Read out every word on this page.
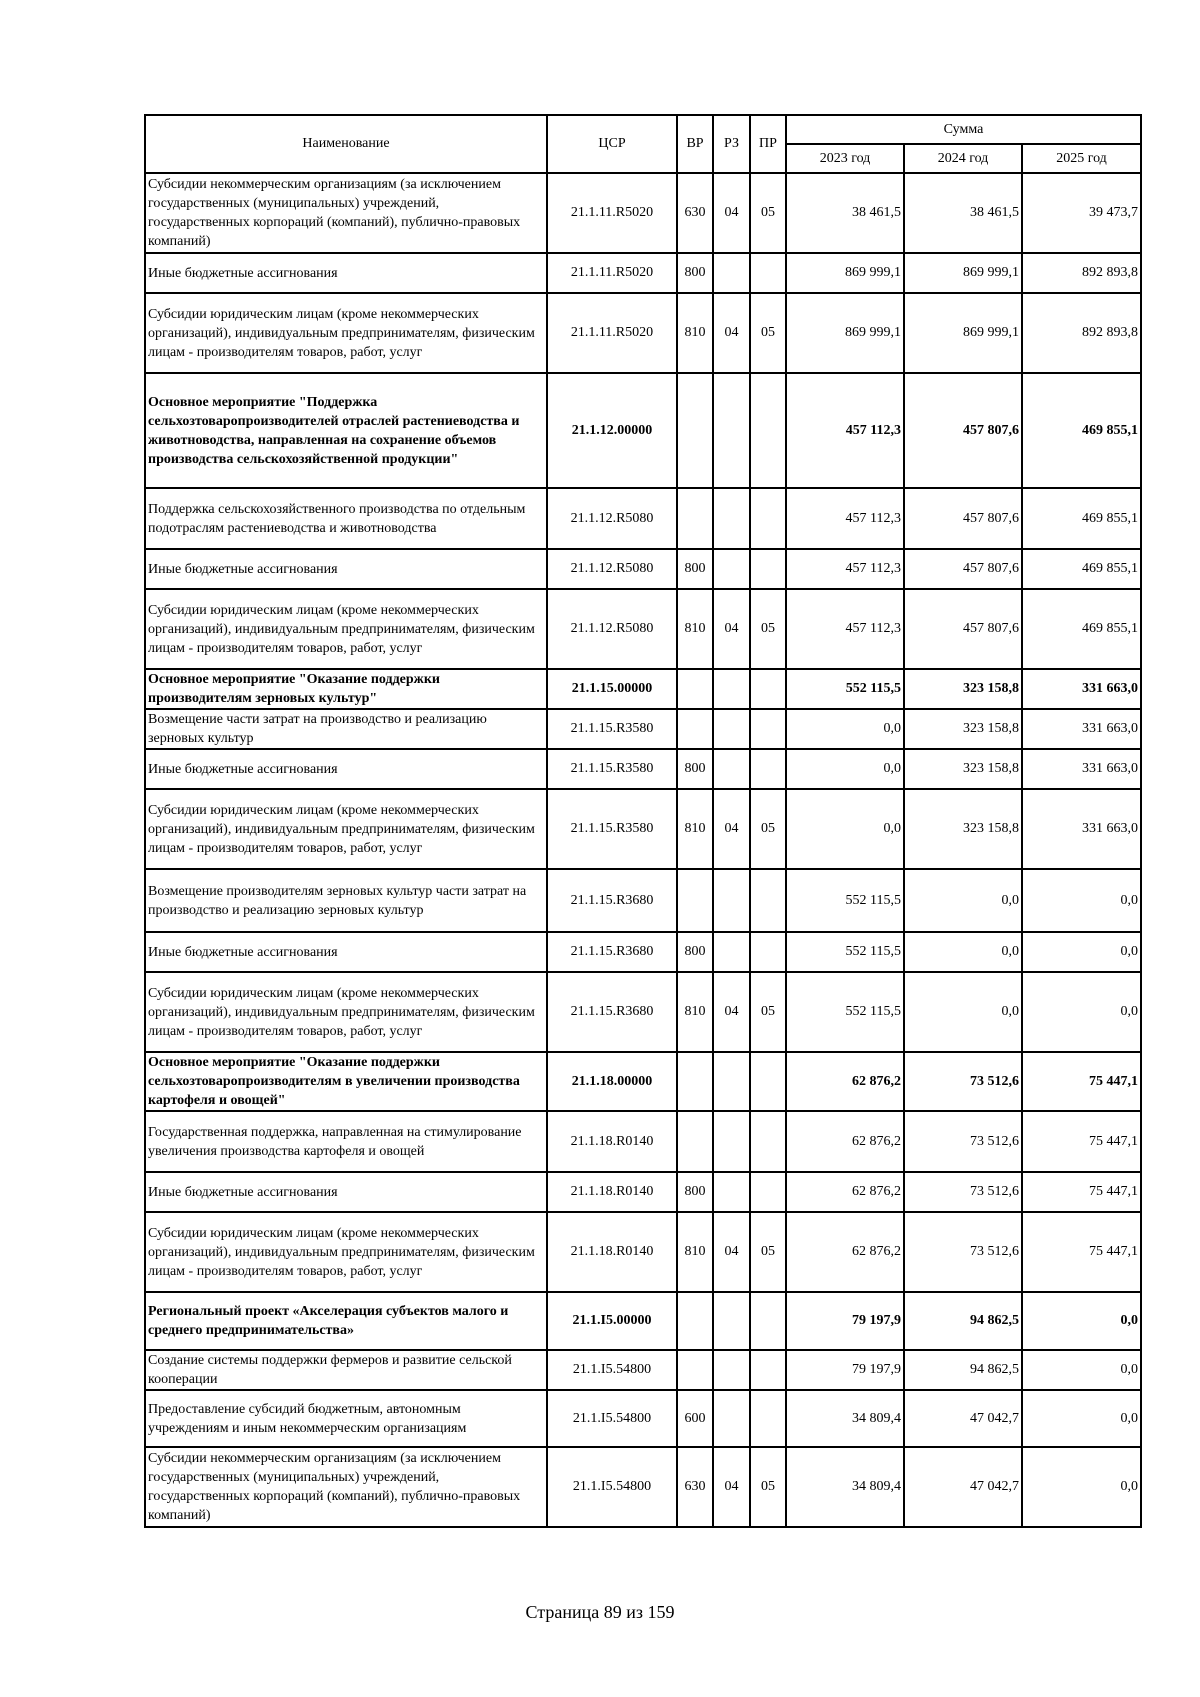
Наименование	ЦСР	ВР	РЗ	ПР	Сумма		
					2023 год	2024 год	2025 год
Субсидии некоммерческим организациям (за исключением государственных (муниципальных) учреждений, государственных корпораций (компаний), публично-правовых компаний)	21.1.11.R5020	630	04	05	38 461,5	38 461,5	39 473,7
Иные бюджетные ассигнования	21.1.11.R5020	800			869 999,1	869 999,1	892 893,8
Субсидии юридическим лицам (кроме некоммерческих организаций), индивидуальным предпринимателям, физическим лицам - производителям товаров, работ, услуг	21.1.11.R5020	810	04	05	869 999,1	869 999,1	892 893,8
Основное мероприятие "Поддержка сельхозтоваропроизводителей отраслей растениеводства и животноводства, направленная на сохранение объемов производства сельскохозяйственной продукции"	21.1.12.00000				457 112,3	457 807,6	469 855,1
Поддержка сельскохозяйственного производства по отдельным подотраслям растениеводства и животноводства	21.1.12.R5080				457 112,3	457 807,6	469 855,1
Иные бюджетные ассигнования	21.1.12.R5080	800			457 112,3	457 807,6	469 855,1
Субсидии юридическим лицам (кроме некоммерческих организаций), индивидуальным предпринимателям, физическим лицам - производителям товаров, работ, услуг	21.1.12.R5080	810	04	05	457 112,3	457 807,6	469 855,1
Основное мероприятие "Оказание поддержки производителям зерновых культур"	21.1.15.00000				552 115,5	323 158,8	331 663,0
Возмещение части затрат на производство и реализацию зерновых культур	21.1.15.R3580				0,0	323 158,8	331 663,0
Иные бюджетные ассигнования	21.1.15.R3580	800			0,0	323 158,8	331 663,0
Субсидии юридическим лицам (кроме некоммерческих организаций), индивидуальным предпринимателям, физическим лицам - производителям товаров, работ, услуг	21.1.15.R3580	810	04	05	0,0	323 158,8	331 663,0
Возмещение производителям зерновых культур части затрат на производство и реализацию зерновых культур	21.1.15.R3680				552 115,5	0,0	0,0
Иные бюджетные ассигнования	21.1.15.R3680	800			552 115,5	0,0	0,0
Субсидии юридическим лицам (кроме некоммерческих организаций), индивидуальным предпринимателям, физическим лицам - производителям товаров, работ, услуг	21.1.15.R3680	810	04	05	552 115,5	0,0	0,0
Основное мероприятие "Оказание поддержки сельхозтоваропроизводителям в увеличении производства картофеля и овощей"	21.1.18.00000				62 876,2	73 512,6	75 447,1
Государственная поддержка, направленная на стимулирование увеличения производства картофеля и овощей	21.1.18.R0140				62 876,2	73 512,6	75 447,1
Иные бюджетные ассигнования	21.1.18.R0140	800			62 876,2	73 512,6	75 447,1
Субсидии юридическим лицам (кроме некоммерческих организаций), индивидуальным предпринимателям, физическим лицам - производителям товаров, работ, услуг	21.1.18.R0140	810	04	05	62 876,2	73 512,6	75 447,1
Региональный проект «Акселерация субъектов малого и среднего предпринимательства»	21.1.I5.00000				79 197,9	94 862,5	0,0
Создание системы поддержки фермеров и развитие сельской кооперации	21.1.I5.54800				79 197,9	94 862,5	0,0
Предоставление субсидий бюджетным, автономным учреждениям и иным некоммерческим организациям	21.1.I5.54800	600			34 809,4	47 042,7	0,0
Субсидии некоммерческим организациям (за исключением государственных (муниципальных) учреждений, государственных корпораций (компаний), публично-правовых компаний)	21.1.I5.54800	630	04	05	34 809,4	47 042,7	0,0
Страница 89 из 159
